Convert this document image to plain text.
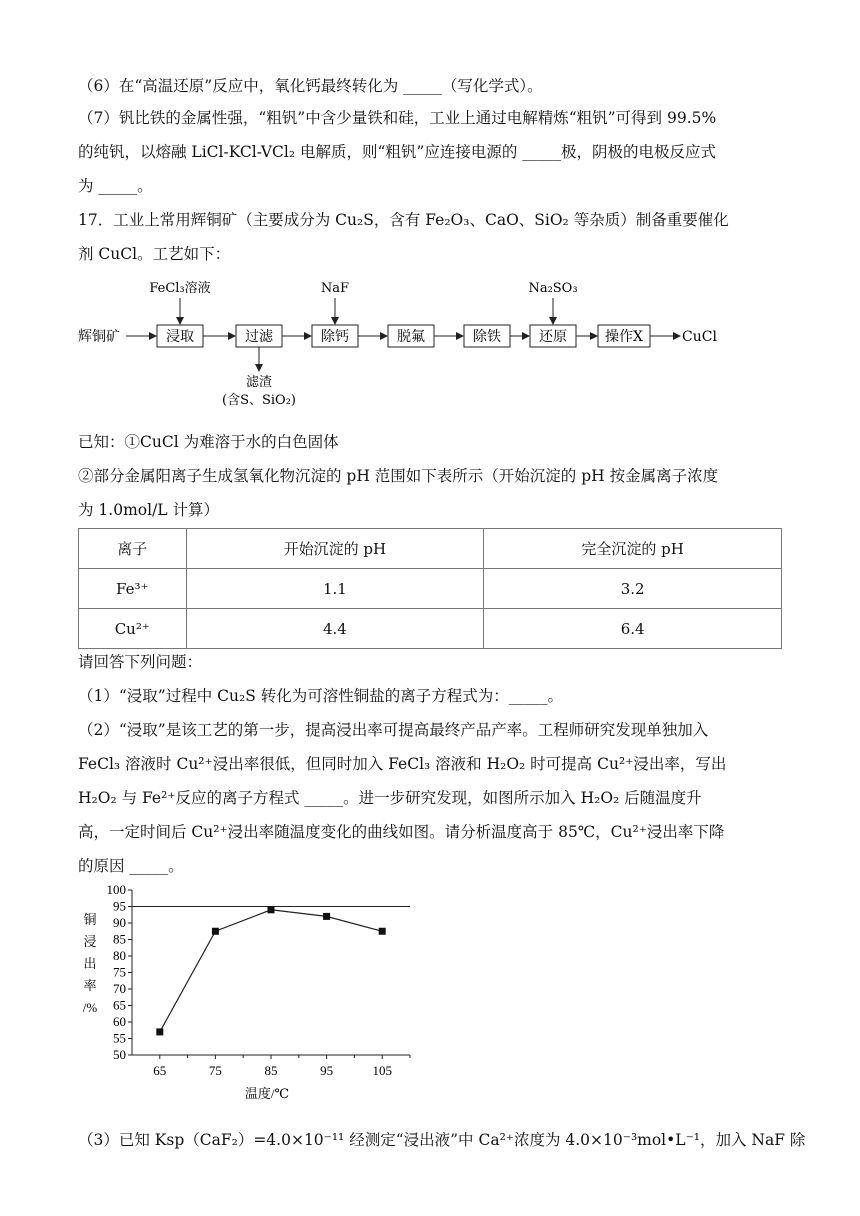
（6）在“高温还原”反应中，氧化钙最终转化为 _____（写化学式）。
（7）钒比铁的金属性强，“粗钒”中含少量铁和硅，工业上通过电解精炼“粗钒”可得到 99.5%
的纯钒，以熔融 LiCl-KCl-VCl₂ 电解质，则“粗钒”应连接电源的 _____极，阴极的电极反应式
为 _____。
17．工业上常用辉铜矿（主要成分为 Cu₂S，含有 Fe₂O₃、CaO、SiO₂ 等杂质）制备重要催化
剂 CuCl。工艺如下：
辉铜矿	浸取	过滤	除钙	脱氟	除铁	还原	操作X	CuCl
FeCl₃溶液	NaF	Na₂SO₃
滤渣
(含S、SiO₂)
已知：①CuCl 为难溶于水的白色固体
②部分金属阳离子生成氢氧化物沉淀的 pH 范围如下表所示（开始沉淀的 pH 按金属离子浓度
为 1.0mol/L 计算）
离子	开始沉淀的 pH	完全沉淀的 pH
Fe³⁺	1.1	3.2
Cu²⁺	4.4	6.4
请回答下列问题：
（1）“浸取”过程中 Cu₂S 转化为可溶性铜盐的离子方程式为：_____。
（2）“浸取”是该工艺的第一步，提高浸出率可提高最终产品产率。工程师研究发现单独加入
FeCl₃ 溶液时 Cu²⁺浸出率很低，但同时加入 FeCl₃ 溶液和 H₂O₂ 时可提高 Cu²⁺浸出率，写出
H₂O₂ 与 Fe²⁺反应的离子方程式 _____。进一步研究发现，如图所示加入 H₂O₂ 后随温度升
高，一定时间后 Cu²⁺浸出率随温度变化的曲线如图。请分析温度高于 85℃，Cu²⁺浸出率下降
的原因 _____。
铜
浸
出
率
/%
100
95
90
85
80
75
70
65
60
55
50
65	75	85	95	105
温度/℃
（3）已知 Ksp（CaF₂）=4.0×10⁻¹¹ 经测定“浸出液”中 Ca²⁺浓度为 4.0×10⁻³mol•L⁻¹，加入 NaF 除
